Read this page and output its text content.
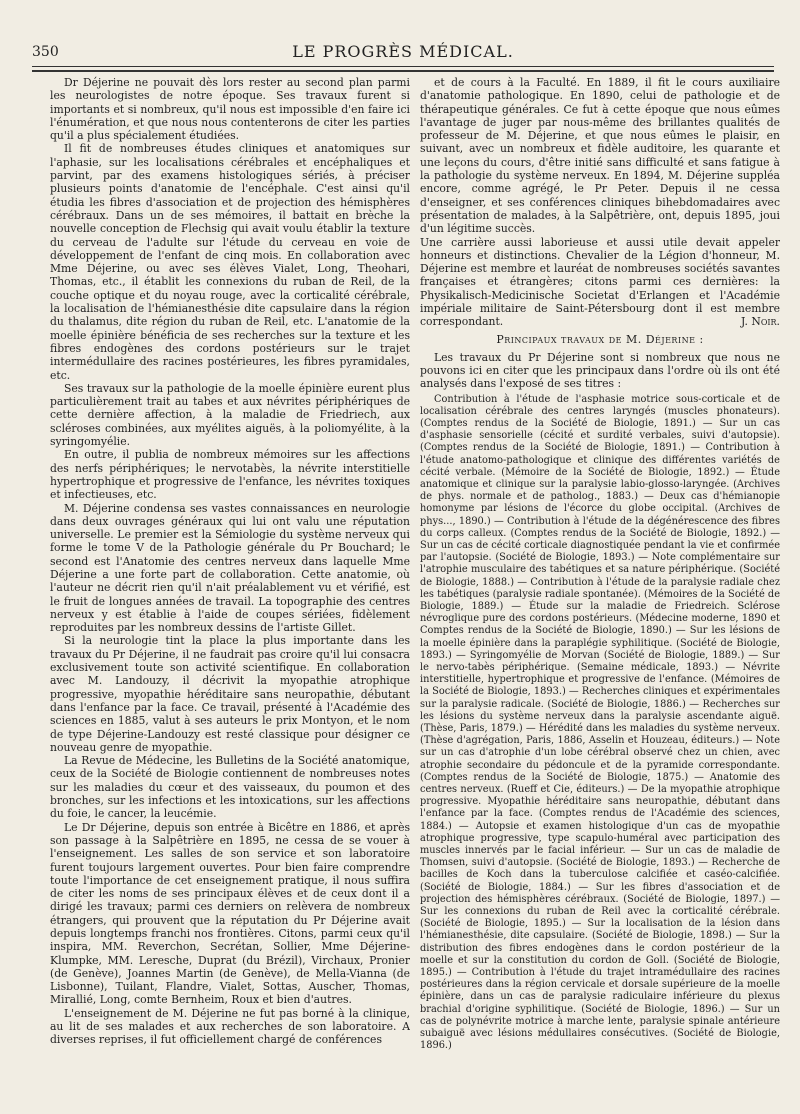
350	LE PROGRÈS MÉDICAL.

Dr Déjerine ne pouvait dès lors rester au second plan parmi les neurologistes de notre époque. Ses travaux furent si importants et si nombreux, qu'il nous est impossible d'en faire ici l'énumération, et que nous nous contenterons de citer les parties qu'il a plus spécialement étudiées.

Il fit de nombreuses études cliniques et anatomiques sur l'aphasie, sur les localisations cérébrales et encéphaliques et parvint, par des examens histologiques sériés, à préciser plusieurs points d'anatomie de l'encéphale. C'est ainsi qu'il étudia les fibres d'association et de projection des hémisphères cérébraux. Dans un de ses mémoires, il battait en brèche la nouvelle conception de Flechsig qui avait voulu établir la texture du cerveau de l'adulte sur l'étude du cerveau en voie de développement de l'enfant de cinq mois. En collaboration avec Mme Déjerine, ou avec ses élèves Vialet, Long, Theohari, Thomas, etc., il établit les connexions du ruban de Reil, de la couche optique et du noyau rouge, avec la corticalité cérébrale, la localisation de l'hémianesthésie dite capsulaire dans la région du thalamus, dite région du ruban de Reil, etc. L'anatomie de la moelle épinière bénéficia de ses recherches sur la texture et les fibres endogènes des cordons postérieurs sur le trajet intermédullaire des racines postérieures, les fibres pyramidales, etc.

Ses travaux sur la pathologie de la moelle épinière eurent plus particulièrement trait au tabes et aux névrites périphériques de cette dernière affection, à la maladie de Friedriech, aux scléroses combinées, aux myélites aiguës, à la poliomyélite, à la syringomyélie.

En outre, il publia de nombreux mémoires sur les affections des nerfs périphériques; le nervotabès, la névrite interstitielle hypertrophique et progressive de l'enfance, les névrites toxiques et infectieuses, etc.

M. Déjerine condensa ses vastes connaissances en neurologie dans deux ouvrages généraux qui lui ont valu une réputation universelle. Le premier est la Sémiologie du système nerveux qui forme le tome V de la Pathologie générale du Pr Bouchard; le second est l'Anatomie des centres nerveux dans laquelle Mme Déjerine a une forte part de collaboration. Cette anatomie, où l'auteur ne décrit rien qu'il n'ait préalablement vu et vérifié, est le fruit de longues années de travail. La topographie des centres nerveux y est établie à l'aide de coupes sériées, fidèlement reproduites par les nombreux dessins de l'artiste Gillet.

Si la neurologie tint la place la plus importante dans les travaux du Pr Déjerine, il ne faudrait pas croire qu'il lui consacra exclusivement toute son activité scientifique. En collaboration avec M. Landouzy, il décrivit la myopathie atrophique progressive, myopathie héréditaire sans neuropathie, débutant dans l'enfance par la face. Ce travail, présenté à l'Académie des sciences en 1885, valut à ses auteurs le prix Montyon, et le nom de type Déjerine-Landouzy est resté classique pour désigner ce nouveau genre de myopathie.

La Revue de Médecine, les Bulletins de la Société anatomique, ceux de la Société de Biologie contiennent de nombreuses notes sur les maladies du cœur et des vaisseaux, du poumon et des bronches, sur les infections et les intoxications, sur les affections du foie, le cancer, la leucémie.

Le Dr Déjerine, depuis son entrée à Bicêtre en 1886, et après son passage à la Salpêtrière en 1895, ne cessa de se vouer à l'enseignement. Les salles de son service et son laboratoire furent toujours largement ouvertes. Pour bien faire comprendre toute l'importance de cet enseignement pratique, il nous suffira de citer les noms de ses principaux élèves et de ceux dont il a dirigé les travaux; parmi ces derniers on relèvera de nombreux étrangers, qui prouvent que la réputation du Pr Déjerine avait depuis longtemps franchi nos frontières. Citons, parmi ceux qu'il inspira, MM. Reverchon, Secrétan, Sollier, Mme Déjerine-Klumpke, MM. Leresche, Duprat (du Brézil), Virchaux, Pronier (de Genève), Joannes Martin (de Genève), de Mella-Vianna (de Lisbonne), Tuilant, Flandre, Vialet, Sottas, Auscher, Thomas, Mirallié, Long, comte Bernheim, Roux et bien d'autres.

L'enseignement de M. Déjerine ne fut pas borné à la clinique, au lit de ses malades et aux recherches de son laboratoire. A diverses reprises, il fut officiellement chargé de conférences

et de cours à la Faculté. En 1889, il fit le cours auxiliaire d'anatomie pathologique. En 1890, celui de pathologie et de thérapeutique générales. Ce fut à cette époque que nous eûmes l'avantage de juger par nous-même des brillantes qualités de professeur de M. Déjerine, et que nous eûmes le plaisir, en suivant, avec un nombreux et fidèle auditoire, les quarante et une leçons du cours, d'être initié sans difficulté et sans fatigue à la pathologie du système nerveux. En 1894, M. Déjerine suppléa encore, comme agrégé, le Pr Peter. Depuis il ne cessa d'enseigner, et ses conférences cliniques bihebdomadaires avec présentation de malades, à la Salpêtrière, ont, depuis 1895, joui d'un légitime succès.

Une carrière aussi laborieuse et aussi utile devait appeler honneurs et distinctions. Chevalier de la Légion d'honneur, M. Déjerine est membre et lauréat de nombreuses sociétés savantes françaises et étrangères; citons parmi ces dernières: la Physikalisch-Medicinische Societat d'Erlangen et l'Académie impériale militaire de Saint-Pétersbourg dont il est membre correspondant.	J. Noir.

Principaux travaux de M. Déjerine :

Les travaux du Pr Déjerine sont si nombreux que nous ne pouvons ici en citer que les principaux dans l'ordre où ils ont été analysés dans l'exposé de ses titres :

Contribution à l'étude de l'asphasie motrice sous-corticale et de localisation cérébrale des centres laryngés (muscles phonateurs). (Comptes rendus de la Société de Biologie, 1891.) — Sur un cas d'asphasie sensorielle (cécité et surdité verbales, suivi d'autopsie). (Comptes rendus de la Société de Biologie, 1891.) — Contribution à l'étude anatomo-pathologique et clinique des différentes variétés de cécité verbale. (Mémoire de la Société de Biologie, 1892.) — Étude anatomique et clinique sur la paralysie labio-glosso-laryngée. (Archives de phys. normale et de patholog., 1883.) — Deux cas d'hémianopie homonyme par lésions de l'écorce du globe occipital. (Archives de phys..., 1890.) — Contribution à l'étude de la dégénérescence des fibres du corps calleux. (Comptes rendus de la Société de Biologie, 1892.) — Sur un cas de cécité corticale diagnostiquée pendant la vie et confirmée par l'autopsie. (Société de Biologie, 1893.) — Note complémentaire sur l'atrophie musculaire des tabétiques et sa nature périphérique. (Société de Biologie, 1888.) — Contribution à l'étude de la paralysie radiale chez les tabétiques (paralysie radiale spontanée). (Mémoires de la Société de Biologie, 1889.) — Étude sur la maladie de Friedreich. Sclérose névroglique pure des cordons postérieurs. (Médecine moderne, 1890 et Comptes rendus de la Société de Biologie, 1890.) — Sur les lésions de la moelle épinière dans la paraplégie syphilitique. (Société de Biologie, 1893.) — Syringomyélie de Morvan (Société de Biologie, 1889.) — Sur le nervo-tabès périphérique. (Semaine médicale, 1893.) — Névrite interstitielle, hypertrophique et progressive de l'enfance. (Mémoires de la Société de Biologie, 1893.) — Recherches cliniques et expérimentales sur la paralysie radicale. (Société de Biologie, 1886.) — Recherches sur les lésions du système nerveux dans la paralysie ascendante aiguë. (Thèse, Paris, 1879.) — Hérédité dans les maladies du système nerveux. (Thèse d'agrégation, Paris, 1886, Asselin et Houzeau, éditeurs.) — Note sur un cas d'atrophie d'un lobe cérébral observé chez un chien, avec atrophie secondaire du pédoncule et de la pyramide correspondante. (Comptes rendus de la Société de Biologie, 1875.) — Anatomie des centres nerveux. (Rueff et Cie, éditeurs.) — De la myopathie atrophique progressive. Myopathie héréditaire sans neuropathie, débutant dans l'enfance par la face. (Comptes rendus de l'Académie des sciences, 1884.) — Autopsie et examen histologique d'un cas de myopathie atrophique progressive, type scapulo-huméral avec participation des muscles innervés par le facial inférieur. — Sur un cas de maladie de Thomsen, suivi d'autopsie. (Société de Biologie, 1893.) — Recherche de bacilles de Koch dans la tuberculose calcifiée et caséo-calcifiée. (Société de Biologie, 1884.) — Sur les fibres d'association et de projection des hémisphères cérébraux. (Société de Biologie, 1897.) — Sur les connexions du ruban de Reil avec la corticalité cérébrale. (Société de Biologie, 1895.) — Sur la localisation de la lésion dans l'hémianesthésie, dite capsulaire. (Société de Biologie, 1898.) — Sur la distribution des fibres endogènes dans le cordon postérieur de la moelle et sur la constitution du cordon de Goll. (Société de Biologie, 1895.) — Contribution à l'étude du trajet intramédullaire des racines postérieures dans la région cervicale et dorsale supérieure de la moelle épinière, dans un cas de paralysie radiculaire inférieure du plexus brachial d'origine syphilitique. (Société de Biologie, 1896.) — Sur un cas de polynévrite motrice à marche lente, paralysie spinale antérieure subaiguë avec lésions médullaires consécutives. (Société de Biologie, 1896.)
